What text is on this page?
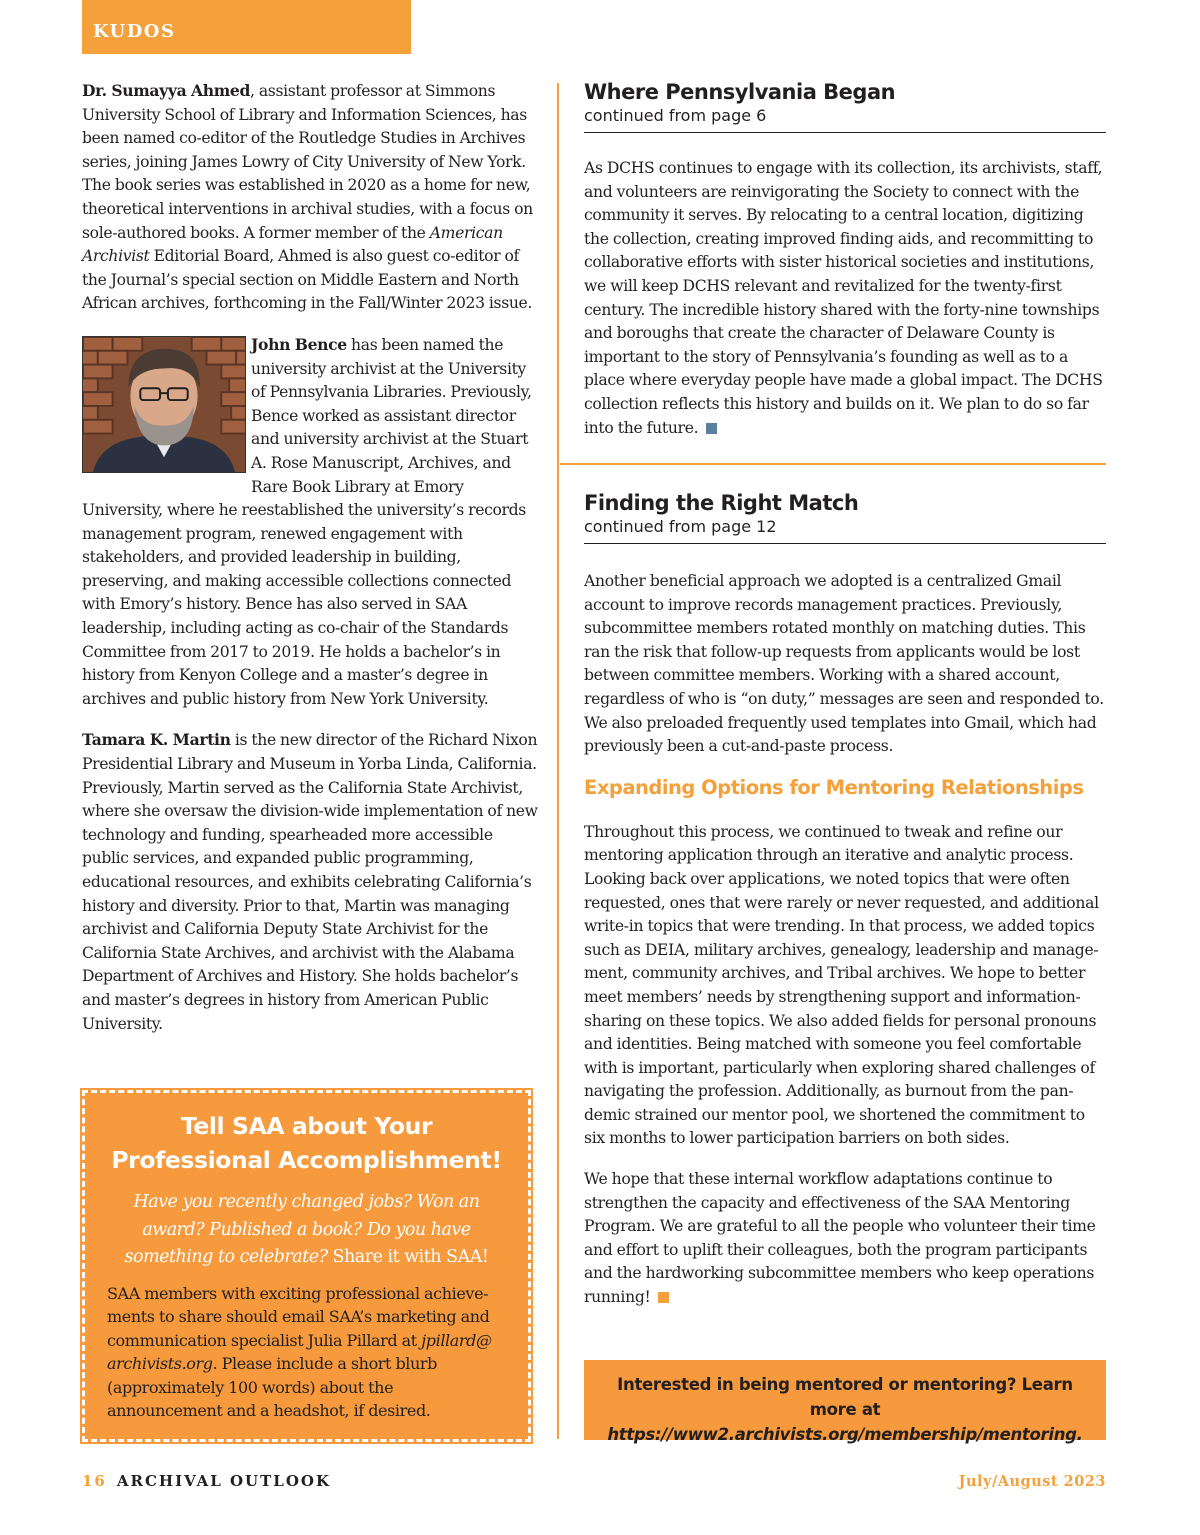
KUDOS

Dr. Sumayya Ahmed, assistant professor at Simmons University School of Library and Information Sciences, has been named co-editor of the Routledge Studies in Archives series, joining James Lowry of City University of New York. The book series was established in 2020 as a home for new, theoretical interventions in archival studies, with a focus on sole-authored books. A former member of the American Archivist Editorial Board, Ahmed is also guest co-editor of the Journal’s special section on Middle Eastern and North African archives, forthcoming in the Fall/Winter 2023 issue.

John Bence has been named the university archivist at the University of Pennsylvania Libraries. Previously, Bence worked as assistant director and university archivist at the Stuart A. Rose Manuscript, Archives, and Rare Book Library at Emory University, where he reestablished the university’s records management program, renewed engagement with stakeholders, and provided leadership in building, preserving, and making accessible collections connected with Emory’s history. Bence has also served in SAA leadership, including acting as co-chair of the Standards Committee from 2017 to 2019. He holds a bachelor’s in history from Kenyon College and a master’s degree in archives and public history from New York University.

Tamara K. Martin is the new director of the Richard Nixon Presidential Library and Museum in Yorba Linda, California. Previously, Martin served as the California State Archivist, where she oversaw the division-wide implementation of new technology and funding, spearheaded more accessible public services, and expanded public programming, educational resources, and exhibits celebrating California’s history and diversity. Prior to that, Martin was managing archivist and California Deputy State Archivist for the California State Archives, and archivist with the Alabama Department of Archives and History. She holds bachelor’s and master’s degrees in history from American Public University.

Tell SAA about Your Professional Accomplishment!

Have you recently changed jobs? Won an award? Published a book? Do you have something to celebrate? Share it with SAA!

SAA members with exciting professional achievements to share should email SAA’s marketing and communication specialist Julia Pillard at jpillard@ archivists.org. Please include a short blurb (approximately 100 words) about the announcement and a headshot, if desired.

Where Pennsylvania Began

continued from page 6

As DCHS continues to engage with its collection, its archivists, staff, and volunteers are reinvigorating the Society to connect with the community it serves. By relocating to a central location, digitizing the collection, creating improved finding aids, and recommitting to collaborative efforts with sister historical societies and institutions, we will keep DCHS relevant and revitalized for the twenty-first century. The incredible history shared with the forty-nine townships and boroughs that create the character of Delaware County is important to the story of Pennsylvania’s founding as well as to a place where everyday people have made a global impact. The DCHS collection reflects this history and builds on it. We plan to do so far into the future.

Finding the Right Match

continued from page 12

Another beneficial approach we adopted is a centralized Gmail account to improve records management practices. Previously, subcommittee members rotated monthly on matching duties. This ran the risk that follow-up requests from applicants would be lost between committee members. Working with a shared account, regardless of who is “on duty,” messages are seen and responded to. We also preloaded frequently used templates into Gmail, which had previously been a cut-and-paste process.

Expanding Options for Mentoring Relationships

Throughout this process, we continued to tweak and refine our mentoring application through an iterative and analytic process. Looking back over applications, we noted topics that were often requested, ones that were rarely or never requested, and additional write-in topics that were trending. In that process, we added topics such as DEIA, military archives, genealogy, leadership and management, community archives, and Tribal archives. We hope to better meet members’ needs by strengthening support and information-sharing on these topics. We also added fields for personal pronouns and identities. Being matched with someone you feel comfortable with is important, particularly when exploring shared challenges of navigating the profession. Additionally, as burnout from the pandemic strained our mentor pool, we shortened the commitment to six months to lower participation barriers on both sides.

We hope that these internal workflow adaptations continue to strengthen the capacity and effectiveness of the SAA Mentoring Program. We are grateful to all the people who volunteer their time and effort to uplift their colleagues, both the program participants and the hardworking subcommittee members who keep operations running!

Interested in being mentored or mentoring? Learn more at
https://www2.archivists.org/membership/mentoring.
16 ARCHIVAL OUTLOOK	July/August 2023
